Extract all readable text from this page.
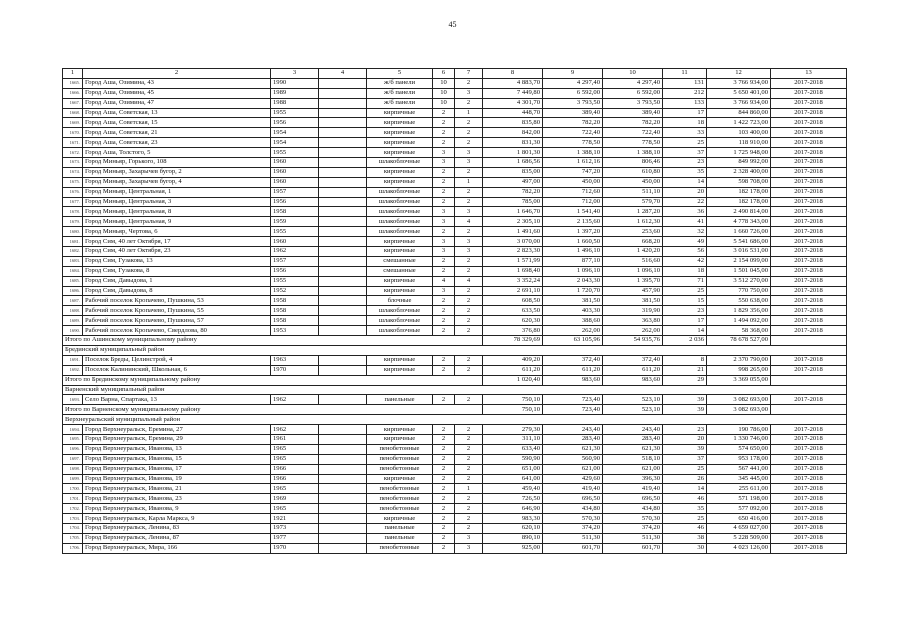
45
1	2	3	4	5	6	7	8	9	10	11	12	13
1665.	Город Аша, Озимина, 43	1990		ж/б панели	10	2	4 883,70	4 297,40	4 297,40	131	3 766 934,00	2017-2018
1666.	Город Аша, Озимина, 45	1989		ж/б панели	10	3	7 449,80	6 592,00	6 592,00	212	5 650 401,00	2017-2018
1667.	Город Аша, Озимина, 47	1988		ж/б панели	10	2	4 301,70	3 793,50	3 793,50	133	3 766 934,00	2017-2018
1668.	Город Аша, Советская, 13	1955		кирпичные	2	1	448,70	389,40	389,40	17	844 860,00	2017-2018
1669.	Город Аша, Советская, 15	1956		кирпичные	2	2	835,80	782,20	782,20	18	1 422 723,00	2017-2018
1670.	Город Аша, Советская, 21	1954		кирпичные	2	2	842,00	722,40	722,40	33	103 400,00	2017-2018
1671.	Город Аша, Советская, 23	1954		кирпичные	2	2	831,30	778,50	778,50	25	118 910,00	2017-2018
1672.	Город Аша, Толстого, 5	1955		кирпичные	3	3	1 801,30	1 388,10	1 388,10	37	1 725 948,00	2017-2018
1673.	Город Миньяр, Горького, 108	1960		шлакоблочные	3	3	1 686,56	1 612,16	806,46	23	849 992,00	2017-2018
1674.	Город Миньяр, Захарычев бугор, 2	1960		кирпичные	2	2	835,00	747,20	610,80	35	2 328 400,00	2017-2018
1675.	Город Миньяр, Захарычев бугор, 4	1960		кирпичные	2	1	497,00	450,00	450,00	14	598 708,00	2017-2018
1676.	Город Миньяр, Центральная, 1	1957		шлакоблочные	2	2	782,20	712,60	511,10	20	182 178,00	2017-2018
1677.	Город Миньяр, Центральная, 3	1956		шлакоблочные	2	2	785,00	712,00	579,70	22	182 178,00	2017-2018
1678.	Город Миньяр, Центральная, 8	1958		шлакоблочные	3	3	1 646,70	1 541,40	1 287,20	36	2 490 814,00	2017-2018
1679.	Город Миньяр, Центральная, 9	1959		шлакоблочные	3	4	2 305,10	2 135,60	1 612,30	41	4 778 343,00	2017-2018
1680.	Город Миньяр, Чертова, 6	1955		шлакоблочные	2	2	1 491,60	1 397,20	253,60	32	1 660 726,00	2017-2018
1681.	Город Сим, 40 лет Октября, 17	1960		кирпичные	3	3	3 070,00	1 660,50	668,20	49	5 541 686,00	2017-2018
1682.	Город Сим, 40 лет Октября, 23	1962		кирпичные	3	3	2 823,30	1 496,10	1 420,20	56	3 016 531,00	2017-2018
1683.	Город Сим, Гузакова, 13	1957		смешанные	2	2	1 571,99	877,10	516,60	42	2 154 099,00	2017-2018
1684.	Город Сим, Гузакова, 8	1956		смешанные	2	2	1 698,40	1 096,10	1 096,10	18	1 501 045,00	2017-2018
1685.	Город Сим, Давыдова, 1	1955		кирпичные	4	4	3 352,24	2 043,30	1 395,70	71	3 512 270,00	2017-2018
1686.	Город Сим, Давыдова, 8	1952		кирпичные	3	2	2 691,10	1 720,70	457,90	25	770 750,00	2017-2018
1687.	Рабочий поселок Кропачево, Пушкина, 53	1958		блочные	2	2	608,50	381,50	381,50	15	550 638,00	2017-2018
1688.	Рабочий поселок Кропачево, Пушкина, 55	1958		шлакоблочные	2	2	633,50	403,30	319,90	23	1 829 356,00	2017-2018
1689.	Рабочий поселок Кропачево, Пушкина, 57	1958		шлакоблочные	2	2	620,30	388,60	363,80	17	1 494 092,00	2017-2018
1690.	Рабочий поселок Кропачево, Свердлова, 80	1953		шлакоблочные	2	2	376,80	262,00	262,00	14	58 368,00	2017-2018
Итого по Ашинскому муниципальному району							78 329,69	63 105,96	54 935,76	2 036	78 678 527,00	
Брединский муниципальный район												
1691.	Поселок Бреды, Целинстрой, 4	1963		кирпичные	2	2	409,20	372,40	372,40	8	2 370 790,00	2017-2018
1692.	Поселок Калининский, Школьная, 6	1970		кирпичные	2	2	611,20	611,20	611,20	21	998 265,00	2017-2018
Итого по Брединскому муниципальному району							1 020,40	983,60	983,60	29	3 369 055,00	
Варненский муниципальный район												
1693.	Село Варна, Спартака, 13	1962		панельные	2	2	750,10	723,40	523,10	39	3 082 693,00	2017-2018
Итого по Варненскому муниципальному району							750,10	723,40	523,10	39	3 082 693,00	
Верхнеуральский муниципальный район												
1694.	Город Верхнеуральск, Еремина, 27	1962		кирпичные	2	2	279,30	243,40	243,40	23	190 786,00	2017-2018
1695.	Город Верхнеуральск, Еремина, 29	1961		кирпичные	2	2	311,10	283,40	283,40	20	1 330 746,00	2017-2018
1696.	Город Верхнеуральск, Иванова, 13	1965		пенобетонные	2	2	633,40	621,30	621,30	39	574 650,00	2017-2018
1697.	Город Верхнеуральск, Иванова, 15	1965		пенобетонные	2	2	590,90	560,90	518,10	37	953 178,00	2017-2018
1698.	Город Верхнеуральск, Иванова, 17	1966		пенобетонные	2	2	651,00	621,00	621,00	25	567 441,00	2017-2018
1699.	Город Верхнеуральск, Иванова, 19	1966		кирпичные	2	2	641,00	429,60	396,30	26	345 445,00	2017-2018
1700.	Город Верхнеуральск, Иванова, 21	1965		пенобетонные	2	1	459,40	419,40	419,40	14	255 611,00	2017-2018
1701.	Город Верхнеуральск, Иванова, 23	1969		пенобетонные	2	2	726,50	696,50	696,50	46	571 198,00	2017-2018
1702.	Город Верхнеуральск, Иванова, 9	1965		пенобетонные	2	2	646,90	434,80	434,80	35	577 092,00	2017-2018
1703.	Город Верхнеуральск, Карла Маркса, 9	1921		кирпичные	2	2	983,30	570,30	570,30	25	650 416,00	2017-2018
1704.	Город Верхнеуральск, Ленина, 83	1973		панельные	2	2	620,10	374,20	374,20	46	4 659 027,00	2017-2018
1705.	Город Верхнеуральск, Ленина, 87	1977		панельные	2	3	890,10	511,30	511,30	38	5 228 509,00	2017-2018
1706.	Город Верхнеуральск, Мира, 166	1970		пенобетонные	2	3	925,00	601,70	601,70	30	4 023 126,00	2017-2018
